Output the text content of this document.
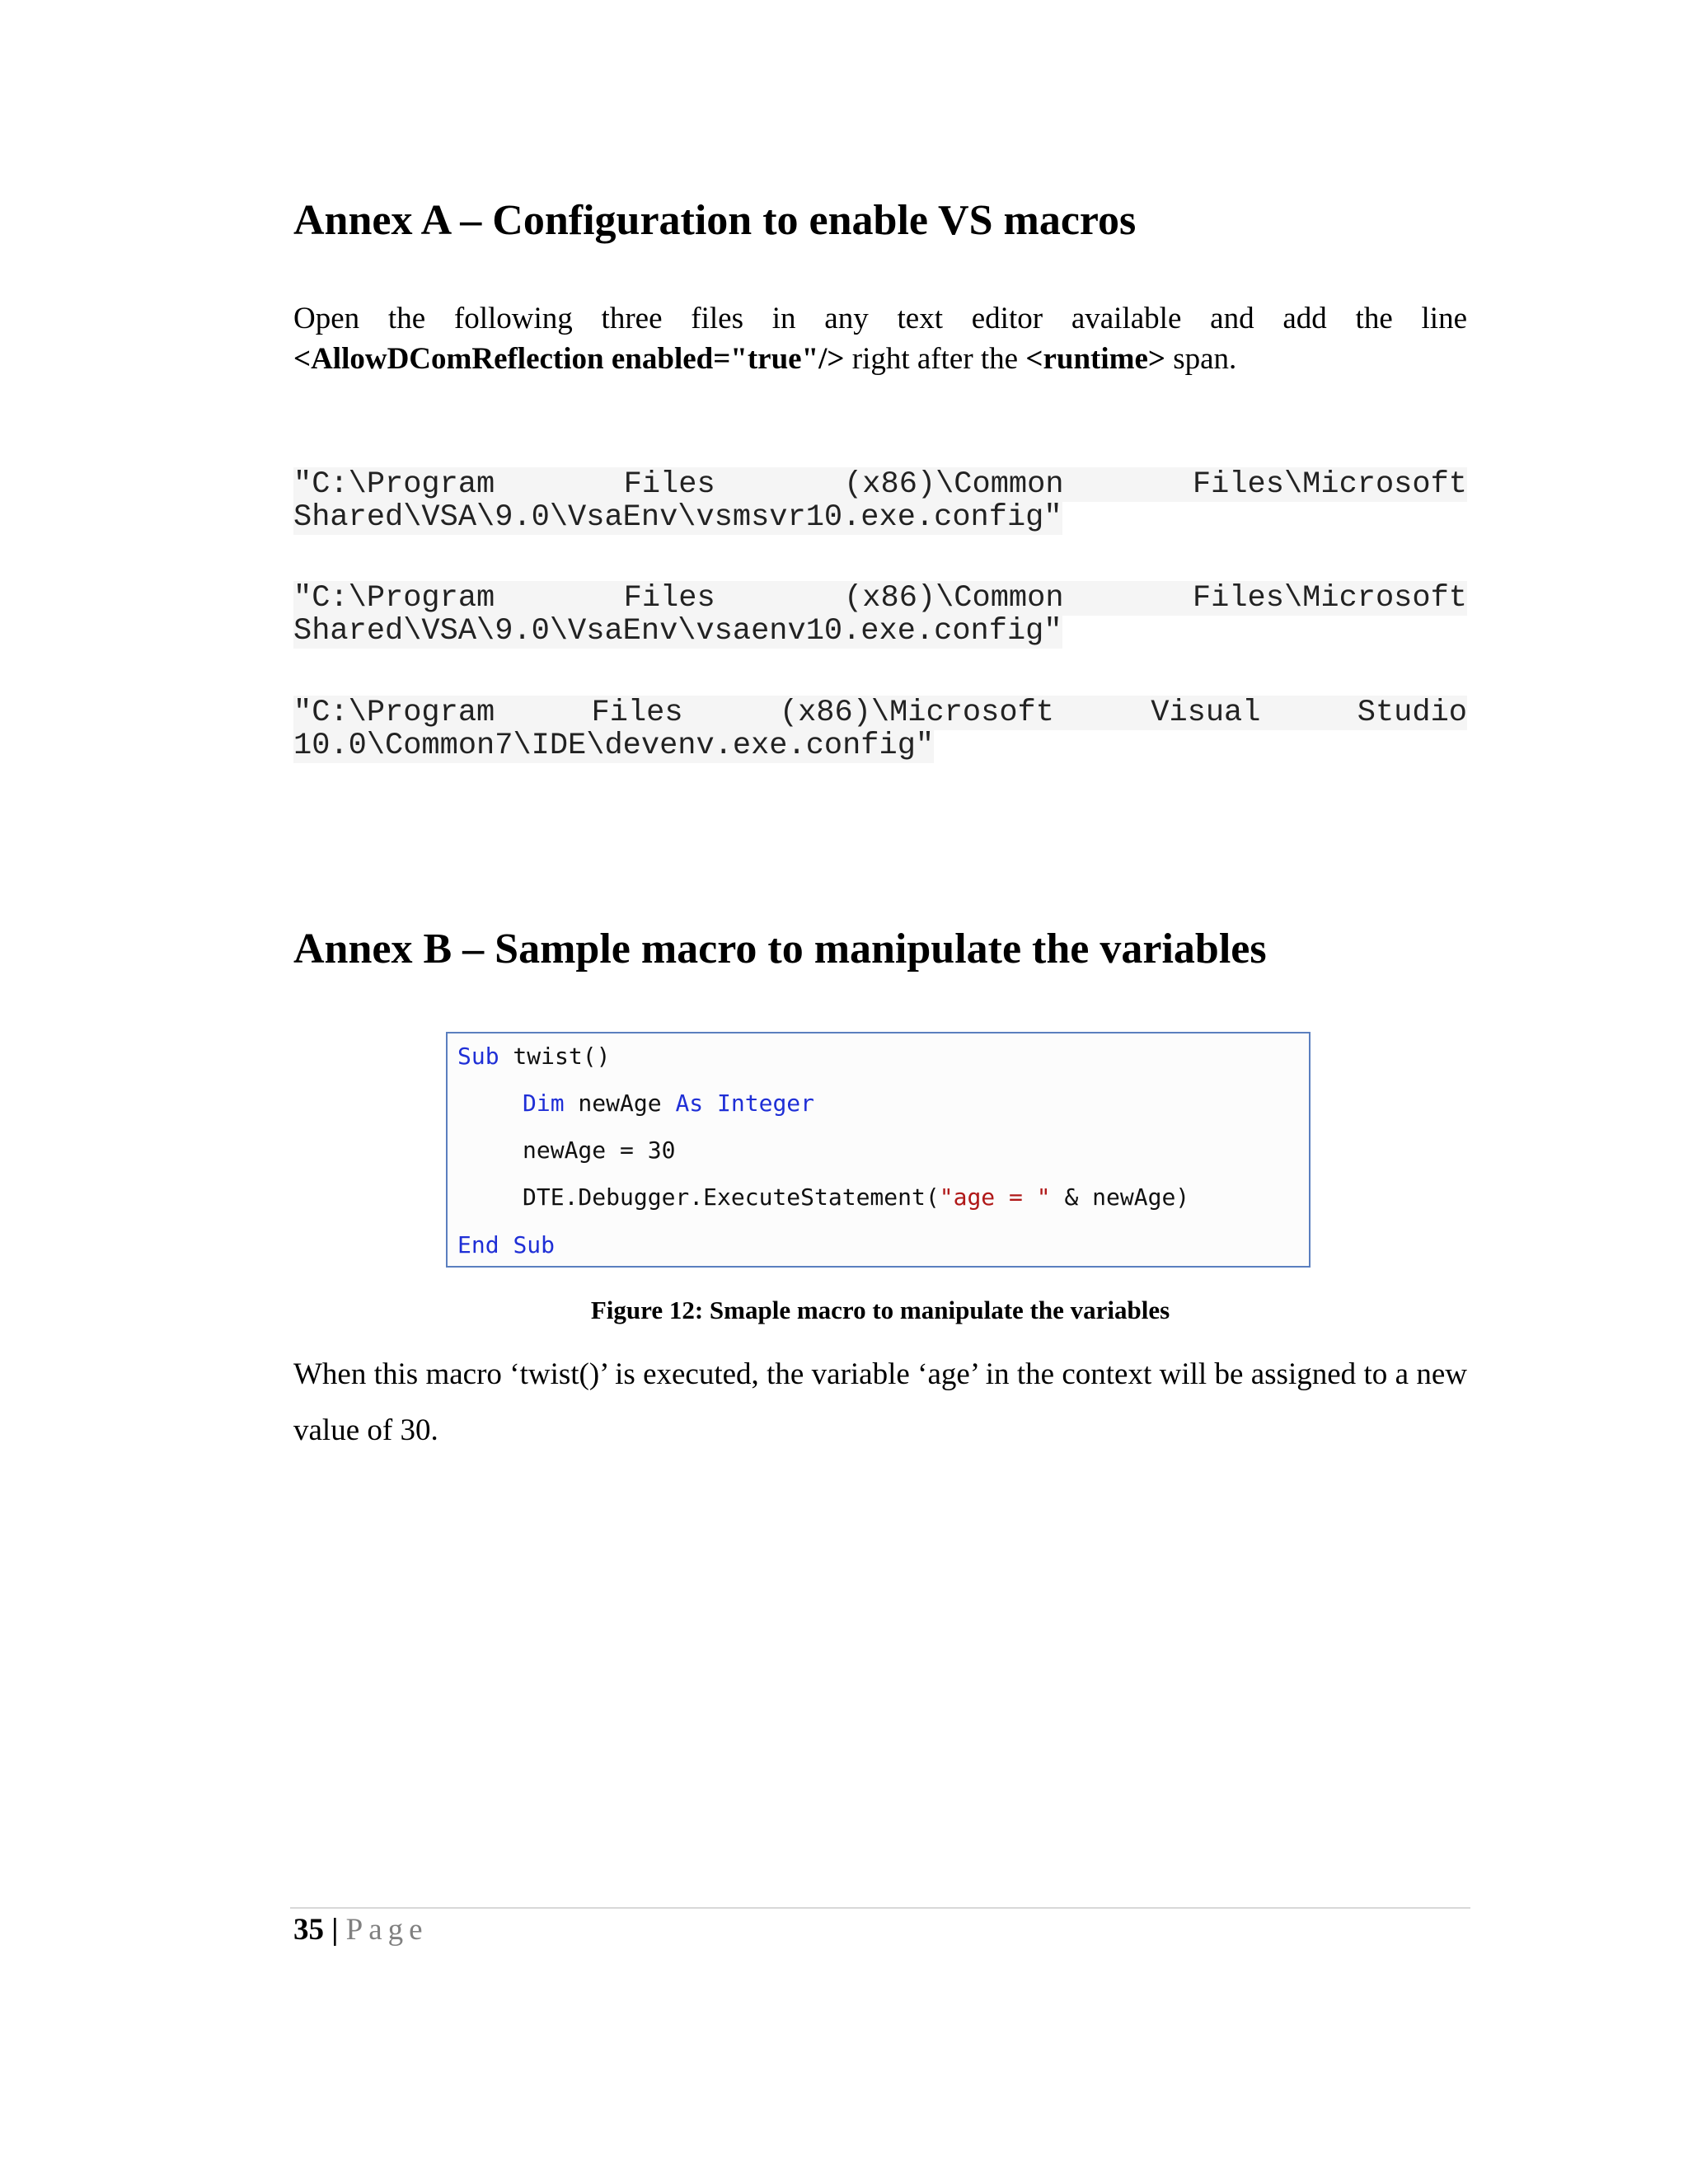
Annex A – Configuration to enable VS macros

Open the following three files in any text editor available and add the line <AllowDComReflection enabled="true"/> right after the <runtime> span.

"C:\Program Files (x86)\Common Files\Microsoft Shared\VSA\9.0\VsaEnv\vsmsvr10.exe.config"

"C:\Program Files (x86)\Common Files\Microsoft Shared\VSA\9.0\VsaEnv\vsaenv10.exe.config"

"C:\Program Files (x86)\Microsoft Visual Studio 10.0\Common7\IDE\devenv.exe.config"

Annex B – Sample macro to manipulate the variables
Sub twist()
Dim newAge As Integer
newAge = 30
DTE.Debugger.ExecuteStatement("age = " & newAge)
End Sub

Figure 12: Smaple macro to manipulate the variables

When this macro ‘twist()’ is executed, the variable ‘age’ in the context will be assigned to a new value of 30.

35 | Page
